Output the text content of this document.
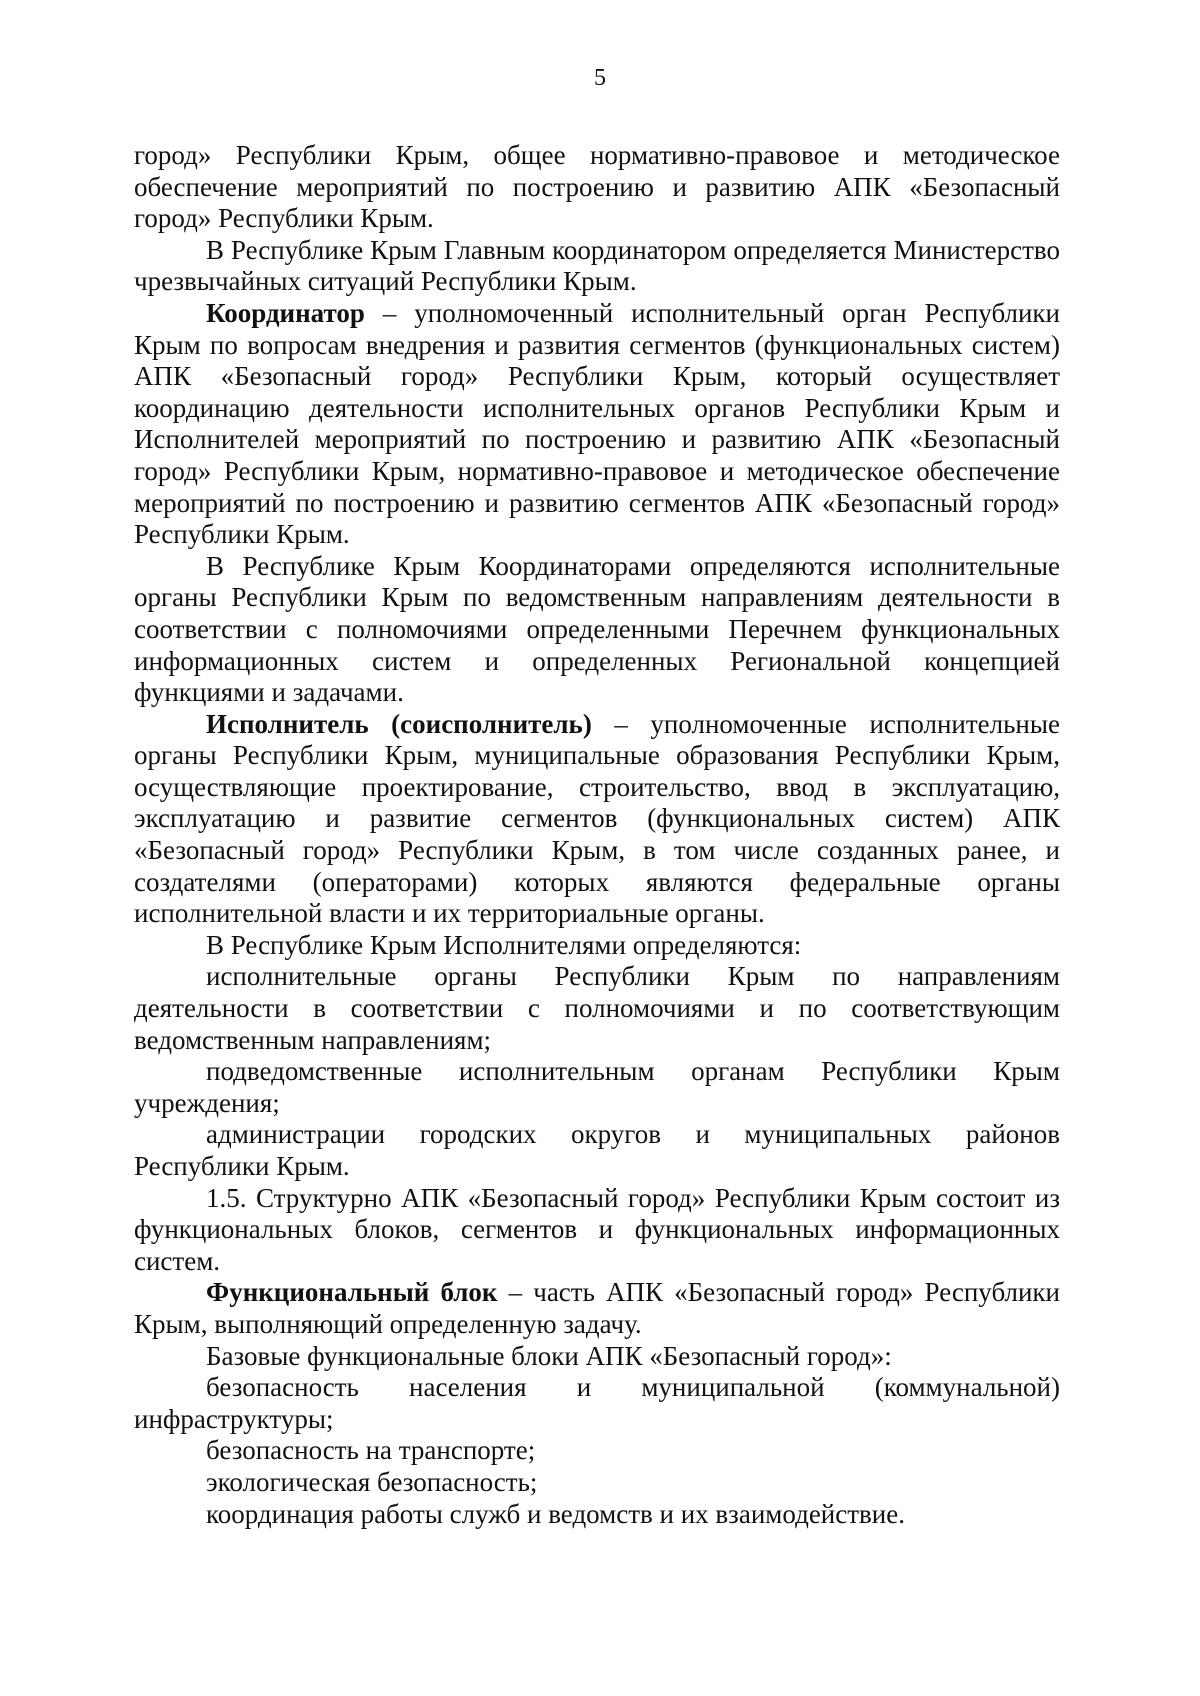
5

город» Республики Крым, общее нормативно-правовое и методическое обеспечение мероприятий по построению и развитию АПК «Безопасный город» Республики Крым.

В Республике Крым Главным координатором определяется Министерство чрезвычайных ситуаций Республики Крым.

Координатор – уполномоченный исполнительный орган Республики Крым по вопросам внедрения и развития сегментов (функциональных систем) АПК «Безопасный город» Республики Крым, который осуществляет координацию деятельности исполнительных органов Республики Крым и Исполнителей мероприятий по построению и развитию АПК «Безопасный город» Республики Крым, нормативно-правовое и методическое обеспечение мероприятий по построению и развитию сегментов АПК «Безопасный город» Республики Крым.

В Республике Крым Координаторами определяются исполнительные органы Республики Крым по ведомственным направлениям деятельности в соответствии с полномочиями определенными Перечнем функциональных информационных систем и определенных Региональной концепцией функциями и задачами.

Исполнитель (соисполнитель) – уполномоченные исполнительные органы Республики Крым, муниципальные образования Республики Крым, осуществляющие проектирование, строительство, ввод в эксплуатацию, эксплуатацию и развитие сегментов (функциональных систем) АПК «Безопасный город» Республики Крым, в том числе созданных ранее, и создателями (операторами) которых являются федеральные органы исполнительной власти и их территориальные органы.

В Республике Крым Исполнителями определяются:

исполнительные органы Республики Крым по направлениям деятельности в соответствии с полномочиями и по соответствующим ведомственным направлениям;

подведомственные исполнительным органам Республики Крым учреждения;

администрации городских округов и муниципальных районов Республики Крым.

1.5. Структурно АПК «Безопасный город» Республики Крым состоит из функциональных блоков, сегментов и функциональных информационных систем.

Функциональный блок – часть АПК «Безопасный город» Республики Крым, выполняющий определенную задачу.

Базовые функциональные блоки АПК «Безопасный город»:

безопасность населения и муниципальной (коммунальной) инфраструктуры;

безопасность на транспорте;

экологическая безопасность;

координация работы служб и ведомств и их взаимодействие.
